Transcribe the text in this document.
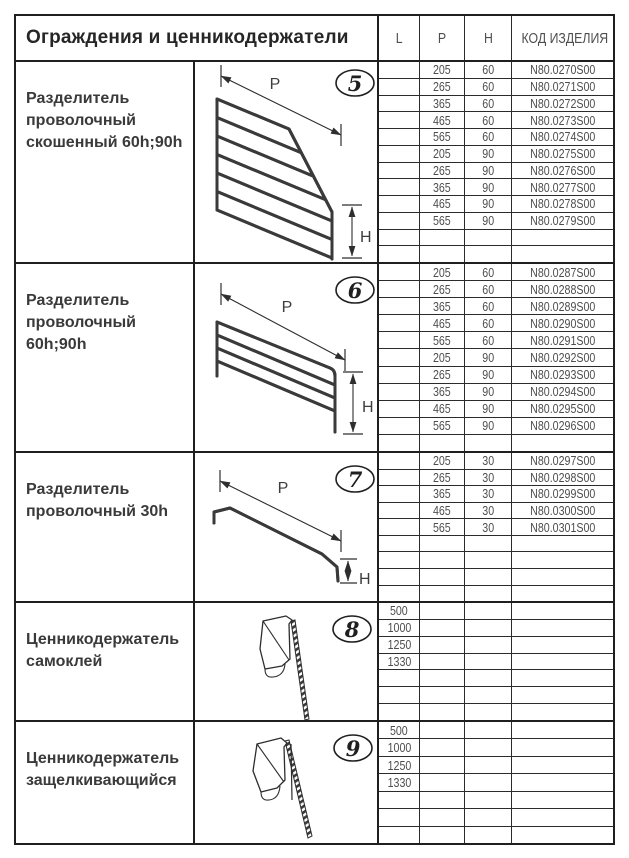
Ограждения и ценникодержатели	L P H КОД ИЗДЕЛИЯ
Разделитель проволочный скошенный 60h;90h
P
H
5
205 60	N80.0270S00
265 60	N80.0271S00
365 60	N80.0272S00
465 60	N80.0273S00
565 60	N80.0274S00
205 90	N80.0275S00
265 90	N80.0276S00
365 90	N80.0277S00
465 90	N80.0278S00
565 90	N80.0279S00
Разделитель проволочный 60h;90h
P
H
6
205 60	N80.0287S00
265 60	N80.0288S00
365 60	N80.0289S00
465 60	N80.0290S00
565 60	N80.0291S00
205 90	N80.0292S00
265 90	N80.0293S00
365 90	N80.0294S00
465 90	N80.0295S00
565 90	N80.0296S00
Разделитель проволочный 30h
P
H
7
205 30	N80.0297S00
265 30	N80.0298S00
365 30	N80.0299S00
465 30	N80.0300S00
565 30	N80.0301S00
Ценникодержатель самоклей
8
500
1000
1250
1330
Ценникодержатель защелкивающийся
9
500
1000
1250
1330
